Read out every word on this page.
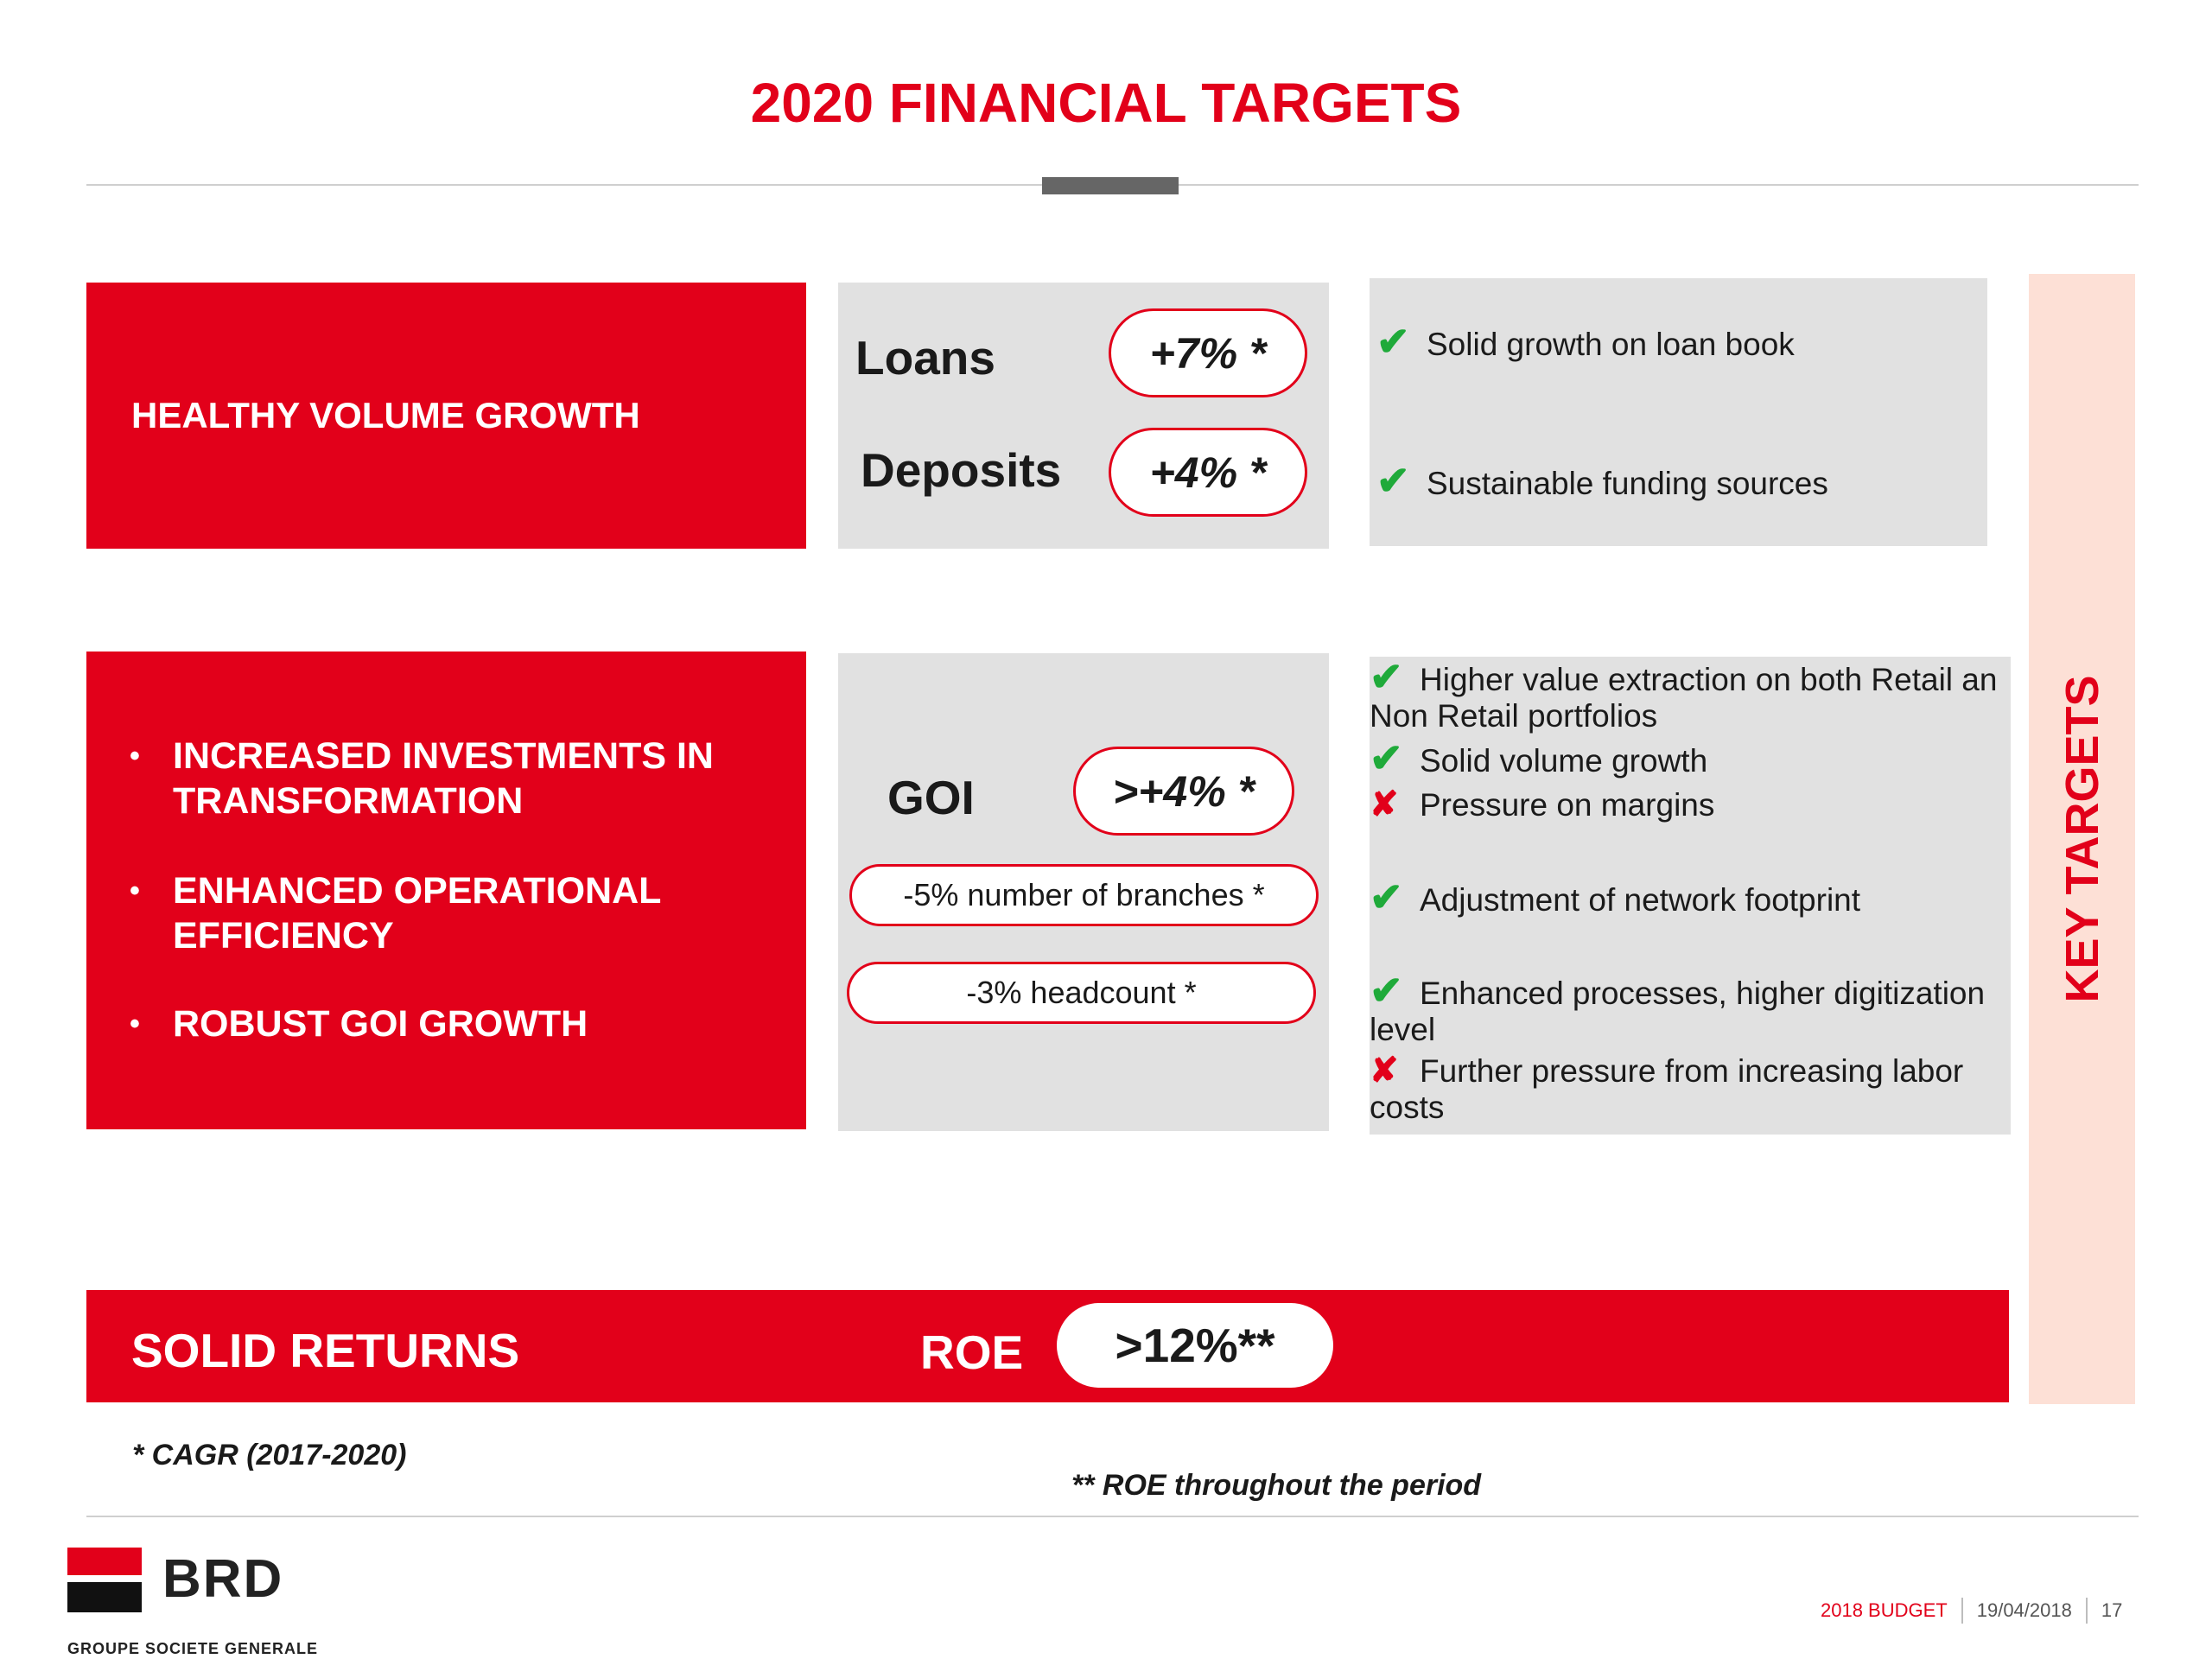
2020 FINANCIAL TARGETS
HEALTHY VOLUME GROWTH
Loans	+7% *
Deposits	+4% *
✔ Solid growth on loan book
✔ Sustainable funding sources
• INCREASED INVESTMENTS IN TRANSFORMATION
• ENHANCED OPERATIONAL EFFICIENCY
• ROBUST GOI GROWTH
GOI	>+4% *
-5% number of branches *
-3% headcount *
✔ Higher value extraction on both Retail an Non Retail portfolios
✔ Solid volume growth
✘ Pressure on margins
✔ Adjustment of network footprint
✔ Enhanced processes, higher digitization level
✘ Further pressure from increasing labor costs
KEY TARGETS
SOLID RETURNS	ROE	>12%**
* CAGR (2017-2020)
** ROE throughout the period
BRD
GROUPE SOCIETE GENERALE
2018 BUDGET 19/04/2018 17
